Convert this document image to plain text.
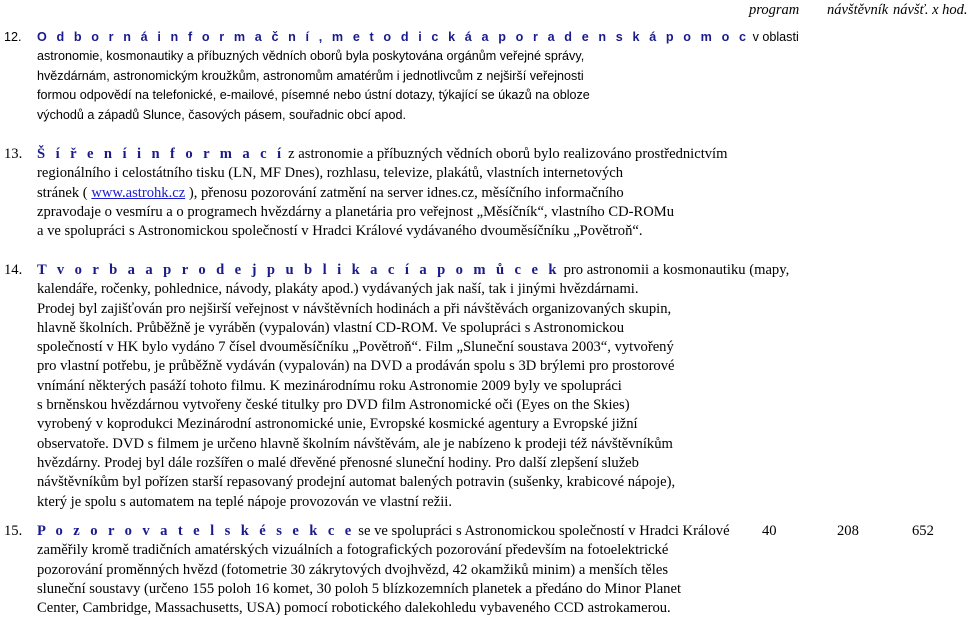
program návštěvník návšť. x hod.
12. O d b o r n á i n f o r m a č n í , m e t o d i c k á a p o r a d e n s k á p o m o c v oblasti
astronomie, kosmonautiky a příbuzných vědních oborů byla poskytována orgánům veřejné správy,
hvězdárnám, astronomickým kroužkům, astronomům amatérům i jednotlivcům z nejširší veřejnosti
formou odpovědí na telefonické, e-mailové, písemné nebo ústní dotazy, týkající se úkazů na obloze
východů a západů Slunce, časových pásem, souřadnic obcí apod.
13. Š í ř e n í i n f o r m a c í z astronomie a příbuzných vědních oborů bylo realizováno prostřednictvím
regionálního i celostátního tisku (LN, MF Dnes), rozhlasu, televize, plakátů, vlastních internetových
stránek ( www.astrohk.cz ), přenosu pozorování zatmění na server idnes.cz, měsíčního informačního
zpravodaje o vesmíru a o programech hvězdárny a planetária pro veřejnost „Měsíčník“, vlastního CD-ROMu
a ve spolupráci s Astronomickou společností v Hradci Králové vydávaného dvouměsíčníku „Povětroň“.
14. T v o r b a a p r o d e j p u b l i k a c í a p o m ů c e k pro astronomii a kosmonautiku (mapy,
kalendáře, ročenky, pohlednice, návody, plakáty apod.) vydávaných jak naší, tak i jinými hvězdárnami.
Prodej byl zajišťován pro nejširší veřejnost v návštěvních hodinách a při návštěvách organizovaných skupin,
hlavně školních. Průběžně je vyráběn (vypalován) vlastní CD-ROM. Ve spolupráci s Astronomickou
společností v HK bylo vydáno 7 čísel dvouměsíčníku „Povětroň“. Film „Sluneční soustava 2003“, vytvořený
pro vlastní potřebu, je průběžně vydáván (vypalován) na DVD a prodáván spolu s 3D brýlemi pro prostorové
vnímání některých pasáží tohoto filmu. K mezinárodnímu roku Astronomie 2009 byly ve spolupráci
s brněnskou hvězdárnou vytvořeny české titulky pro DVD film Astronomické oči (Eyes on the Skies)
vyrobený v koprodukci Mezinárodní astronomické unie, Evropské kosmické agentury a Evropské jižní
observatoře. DVD s filmem je určeno hlavně školním návštěvám, ale je nabízeno k prodeji též návštěvníkům
hvězdárny. Prodej byl dále rozšířen o malé dřevěné přenosné sluneční hodiny. Pro další zlepšení služeb
návštěvníkům byl pořízen starší repasovaný prodejní automat balených potravin (sušenky, krabicové nápoje),
který je spolu s automatem na teplé nápoje provozován ve vlastní režii.
15. P o z o r o v a t e l s k é s e k c e se ve spolupráci s Astronomickou společností v Hradci Králové
zaměřily kromě tradičních amatérských vizuálních a fotografických pozorování především na fotoelektrické
pozorování proměnných hvězd (fotometrie 30 zákrytových dvojhvězd, 42 okamžiků minim) a menších těles
sluneční soustavy (určeno 155 poloh 16 komet, 30 poloh 5 blízkozemních planetek a předáno do Minor Planet
Center, Cambridge, Massachusetts, USA) pomocí robotického dalekohledu vybaveného CCD astrokamerou.
40	208	652
